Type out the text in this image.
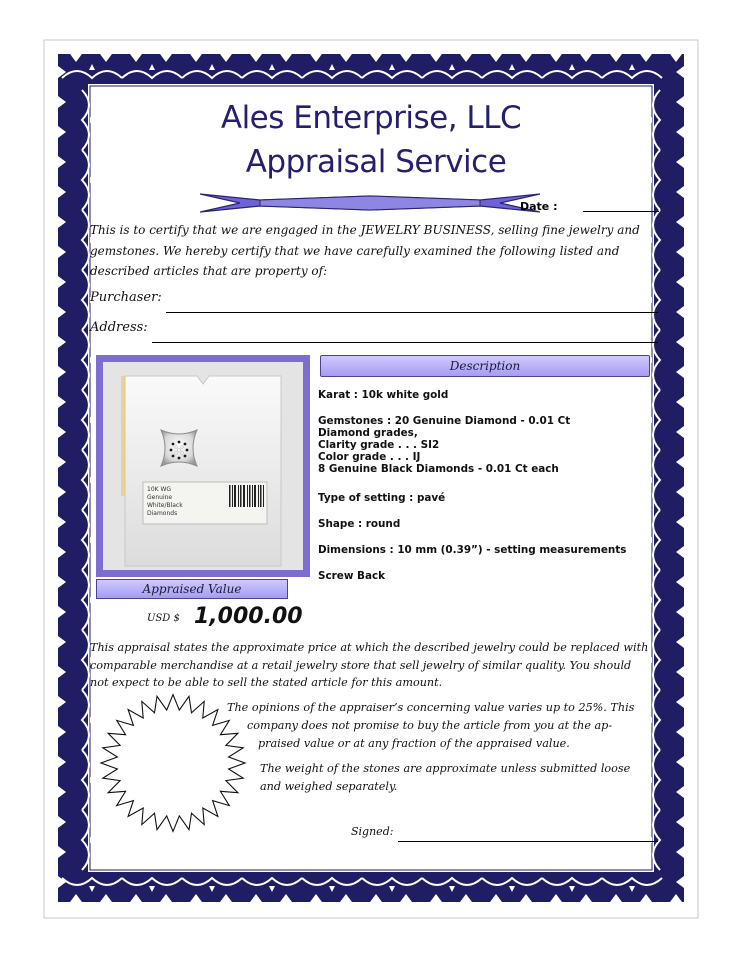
Ales Enterprise, LLC
Appraisal Service
Date :
This is to certify that we are engaged in the JEWELRY BUSINESS, selling fine jewelry and gemstones. We hereby certify that we have carefully examined the following listed and described articles that are property of:
Purchaser:
Address:
10K WG
Genuine
White/Black
Diamonds
Description
Karat : 10k white gold
Gemstones : 20 Genuine Diamond - 0.01 Ct
Diamond grades,
Clarity grade . . . SI2
Color grade . . . IJ
8 Genuine Black Diamonds - 0.01 Ct each
Type of setting : pavé
Shape : round
Dimensions : 10 mm (0.39”) - setting measurements
Screw Back
Appraised Value
USD $ 1,000.00
This appraisal states the approximate price at which the described jewelry could be replaced with comparable merchandise at a retail jewelry store that sell jewelry of similar quality. You should not expect to be able to sell the stated article for this amount.
The opinions of the appraiser’s concerning value varies up to 25%. This
company does not promise to buy the article from you at the ap-
praised value or at any fraction of the appraised value.
The weight of the stones are approximate unless submitted loose
and weighed separately.
Signed:
